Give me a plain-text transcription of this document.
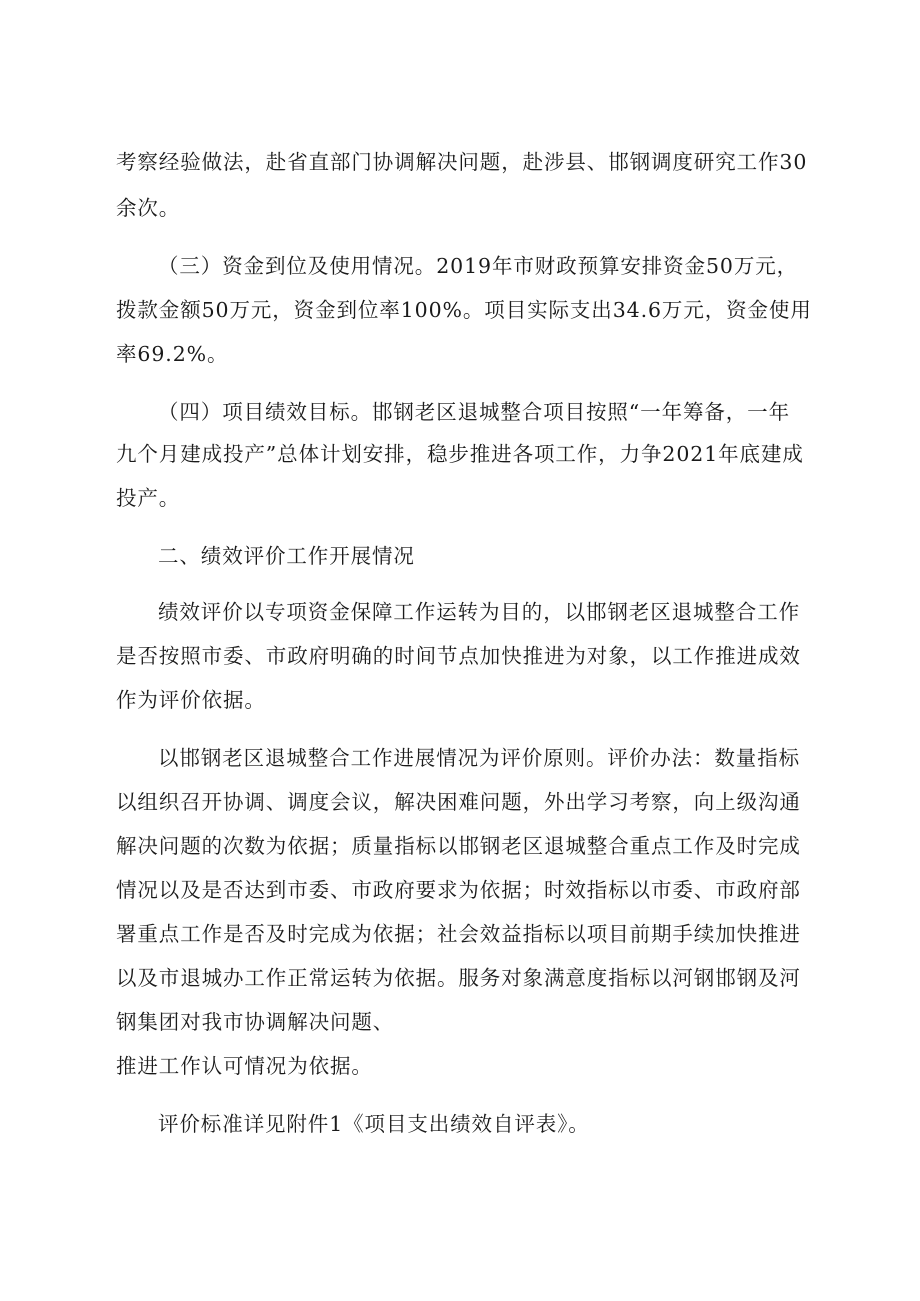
考察经验做法，赴省直部门协调解决问题，赴涉县、邯钢调度研究工作30

余次。

（三）资金到位及使用情况。2019年市财政预算安排资金50万元，

拨款金额50万元，资金到位率100%。项目实际支出34.6万元，资金使用

率69.2%。

（四）项目绩效目标。邯钢老区退城整合项目按照“一年筹备，一年

九个月建成投产”总体计划安排，稳步推进各项工作，力争2021年底建成

投产。

二、绩效评价工作开展情况

绩效评价以专项资金保障工作运转为目的，以邯钢老区退城整合工作

是否按照市委、市政府明确的时间节点加快推进为对象，以工作推进成效

作为评价依据。

以邯钢老区退城整合工作进展情况为评价原则。评价办法：数量指标

以组织召开协调、调度会议，解决困难问题，外出学习考察，向上级沟通

解决问题的次数为依据；质量指标以邯钢老区退城整合重点工作及时完成

情况以及是否达到市委、市政府要求为依据；时效指标以市委、市政府部

署重点工作是否及时完成为依据；社会效益指标以项目前期手续加快推进

以及市退城办工作正常运转为依据。服务对象满意度指标以河钢邯钢及河

钢集团对我市协调解决问题、

推进工作认可情况为依据。

评价标准详见附件1《项目支出绩效自评表》。
